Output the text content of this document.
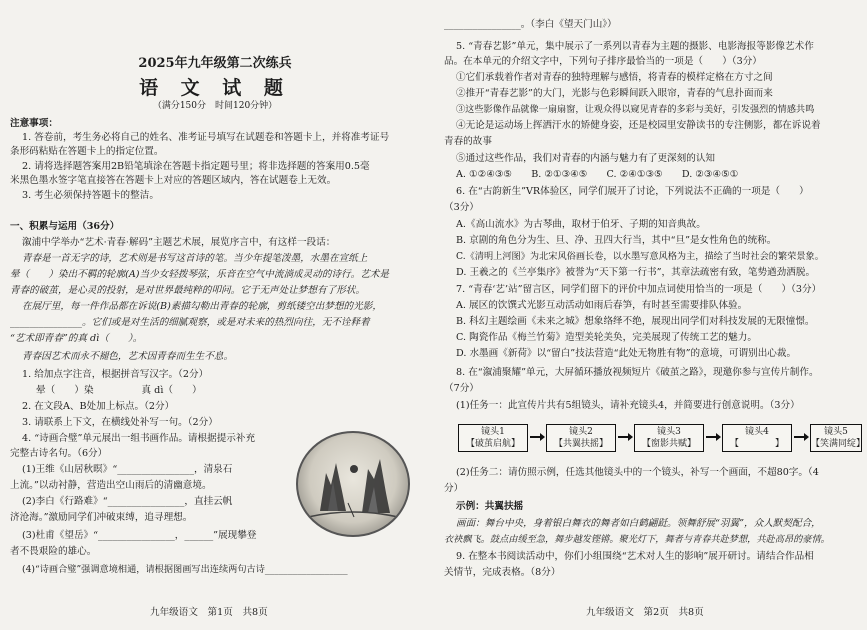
2025年九年级第二次练兵
语 文 试 题
（满分150分　时间120分钟）
注意事项：
1. 答卷前，考生务必将自己的姓名、准考证号填写在试题卷和答题卡上，并将准考证号
条形码粘贴在答题卡上的指定位置。
2. 请将选择题答案用2B铅笔填涂在答题卡指定题号里；将非选择题的答案用0.5毫
米黑色墨水签字笔直接答在答题卡上对应的答题区域内，答在试题卷上无效。
3. 考生必须保持答题卡的整洁。
一、积累与运用（36分）
溆浦中学举办“艺术·青春·解码”主题艺术展，展览序言中，有这样一段话：
青春是一首无字的诗，艺术则是书写这首诗的笔。当少年提笔泼墨，水墨在宣纸上
晕（　　）染出不羁的轮廓(A)当少女轻拨琴弦，乐音在空气中流淌成灵动的诗行。艺术是
青春的破茧，是心灵的投射，是对世界最纯粹的叩问。它于无声处让梦想有了形状。
在展厅里，每一件作品都在诉说(B)素描勾勒出青春的轮廓，剪纸镂空出梦想的光影，
_______________。它们或是对生活的细腻观察，或是对未来的热烈向往，无不诠释着
“艺术即青春”的真 dì（　　）。
青春因艺术而永不褪色，艺术因青春而生生不息。
1. 给加点字注音，根据拼音写汉字。（2分）
晕（　　）染　　　　　真 dì（　　）
2. 在文段A、B处加上标点。（2分）
3. 请联系上下文，在横线处补写一句。（2分）
4. “诗画合璧”单元展出一组书画作品。请根据提示补充
完整古诗名句。（6分）
(1)王维《山居秋暝》“________________，清泉石
上流。”以动衬静，营造出空山雨后的清幽意境。
(2)李白《行路难》“________________，直挂云帆
济沧海。”激励同学们冲破束缚，追寻理想。
(3)杜甫《望岳》“________________，______”展现攀登
者不畏艰险的雄心。
(4)“诗画合璧”强调意境相通，请根据图画写出连续两句古诗__________________
九年级语文　第1页　共8页
________________。（李白《望天门山》）
5. “青春艺影”单元，集中展示了一系列以青春为主题的摄影、电影海报等影像艺术作
品。在本单元的介绍文字中，下列句子排序最恰当的一项是（　　）（3分）
①它们承载着作者对青春的独特理解与感悟，将青春的模样定格在方寸之间
②推开“青春艺影”的大门，光影与色彩瞬间跃入眼帘，青春的气息扑面而来
③这些影像作品就像一扇扇窗，让观众得以窥见青春的多彩与美好，引发强烈的情感共鸣
④无论是运动场上挥洒汗水的矫健身姿，还是校园里安静读书的专注侧影，都在诉说着
青春的故事
⑤通过这些作品，我们对青春的内涵与魅力有了更深刻的认知
A. ①②④③⑤　　B. ②①③④⑤　　C. ②④①③⑤　　D. ②③④⑤①
6. 在“古韵新生”VR体验区，同学们展开了讨论，下列说法不正确的一项是（　　）
（3分）
A.《高山流水》为古琴曲，取材于伯牙、子期的知音典故。
B. 京剧的角色分为生、旦、净、丑四大行当，其中“旦”是女性角色的统称。
C.《清明上河图》为北宋风俗画长卷，以水墨写意风格为主，描绘了当时社会的繁荣景象。
D. 王羲之的《兰亭集序》被誉为“天下第一行书”，其章法疏密有致，笔势遒劲洒脱。
7. “青春‘艺’站”留言区，同学们留下的评价中加点词使用恰当的一项是（　　）（3分）
A. 展区的饮馔式光影互动活动如雨后春笋，有时甚至需要排队体验。
B. 科幻主题绘画《未来之城》想象络绎不绝，展现出同学们对科技发展的无限憧憬。
C. 陶瓷作品《梅兰竹菊》造型美轮美奂，完美展现了传统工艺的魅力。
D. 水墨画《新荷》以“留白”技法营造“此处无物胜有物”的意境，可谓别出心裁。
8. 在“溆浦聚耀”单元，大屏循环播放视频短片《破茧之路》，现邀你参与宣传片制作。
（7分）
(1)任务一：此宣传片共有5组镜头，请补充镜头4，并简要进行创意说明。（3分）
镜头1
【破茧启航】
镜头2
【共翼扶摇】
镜头3
【窗影共赋】
镜头4
【　　　　】
镜头5
【笑满同绽】
(2)任务二：请仿照示例，任选其他镜头中的一个镜头，补写一个画面，不超80字。（4
分）
示例：共翼扶摇
画面：舞台中央，身着银白舞衣的舞者如白鹤翩跹。领舞舒展“羽翼”，众人默契配合，
衣袂飘飞。鼓点由缓至急，舞步越发铿锵。聚光灯下，舞者与青春共赴梦想，共赴高昂的豪情。
9. 在整本书阅读活动中，你们小组围绕“艺术对人生的影响”展开研讨。请结合作品相
关情节，完成表格。（8分）
九年级语文　第2页　共8页
